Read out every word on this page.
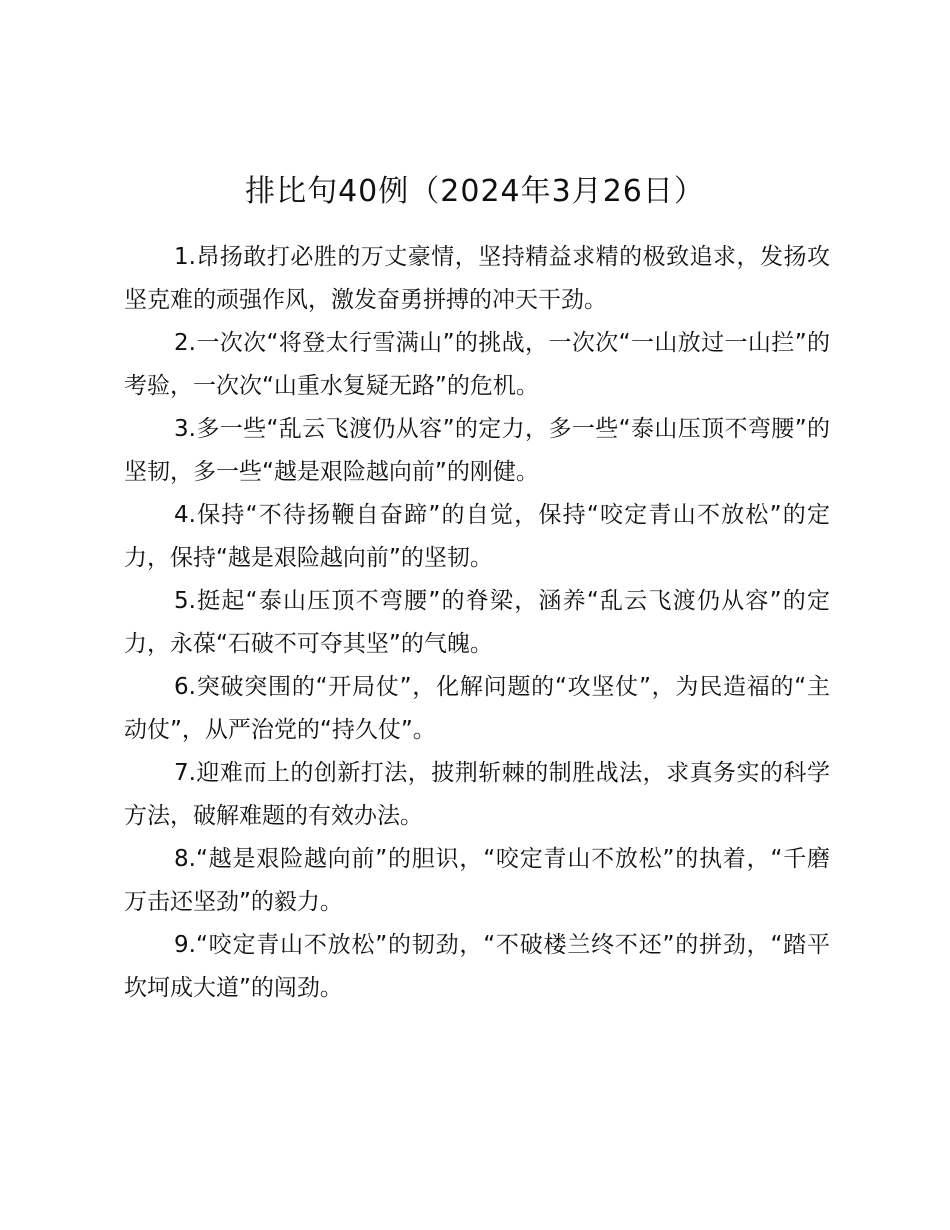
排比句40例（2024年3月26日）

1.昂扬敢打必胜的万丈豪情，坚持精益求精的极致追求，发扬攻坚克难的顽强作风，激发奋勇拼搏的冲天干劲。

2.一次次“将登太行雪满山”的挑战，一次次“一山放过一山拦”的考验，一次次“山重水复疑无路”的危机。

3.多一些“乱云飞渡仍从容”的定力，多一些“泰山压顶不弯腰”的坚韧，多一些“越是艰险越向前”的刚健。

4.保持“不待扬鞭自奋蹄”的自觉，保持“咬定青山不放松”的定力，保持“越是艰险越向前”的坚韧。

5.挺起“泰山压顶不弯腰”的脊梁，涵养“乱云飞渡仍从容”的定力，永葆“石破不可夺其坚”的气魄。

6.突破突围的“开局仗”，化解问题的“攻坚仗”，为民造福的“主动仗”，从严治党的“持久仗”。

7.迎难而上的创新打法，披荆斩棘的制胜战法，求真务实的科学方法，破解难题的有效办法。

8.“越是艰险越向前”的胆识，“咬定青山不放松”的执着，“千磨万击还坚劲”的毅力。

9.“咬定青山不放松”的韧劲，“不破楼兰终不还”的拼劲，“踏平坎坷成大道”的闯劲。
